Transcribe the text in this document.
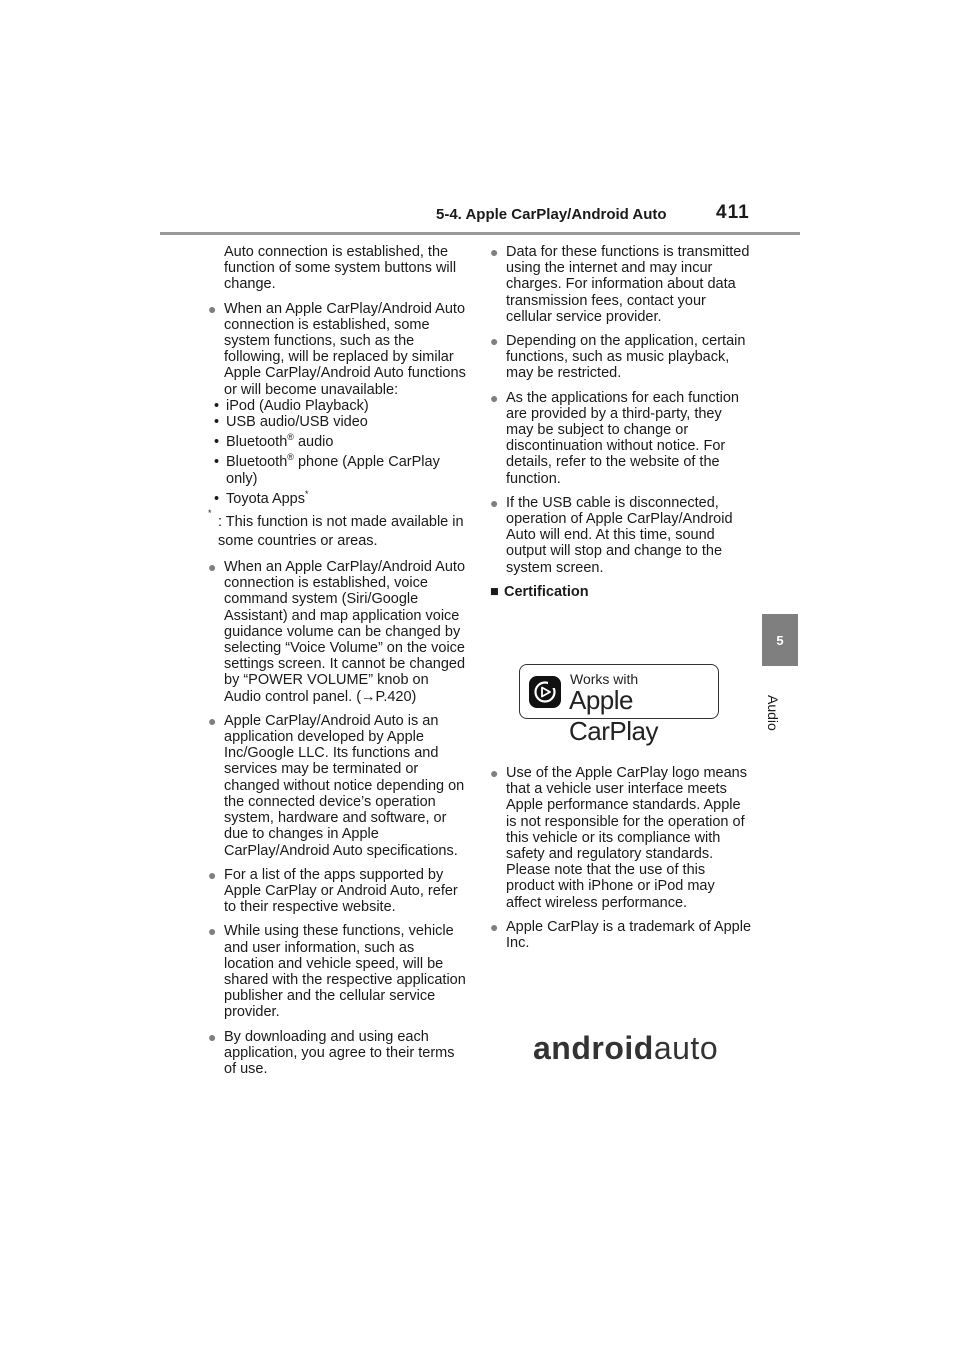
5-4. Apple CarPlay/Android Auto	411
5
Audio

Auto connection is established, the function of some system buttons will change.

● When an Apple CarPlay/Android Auto connection is established, some system functions, such as the following, will be replaced by similar Apple CarPlay/Android Auto functions or will become unavailable:
• iPod (Audio Playback)
• USB audio/USB video
• Bluetooth® audio
• Bluetooth® phone (Apple CarPlay only)
• Toyota Apps*
*
: This function is not made available in some countries or areas.
● When an Apple CarPlay/Android Auto connection is established, voice command system (Siri/Google Assistant) and map application voice guidance volume can be changed by selecting “Voice Volume” on the voice settings screen. It cannot be changed by “POWER VOLUME” knob on Audio control panel. (→P.420)
● Apple CarPlay/Android Auto is an application developed by Apple Inc/Google LLC. Its functions and services may be terminated or changed without notice depending on the connected device’s operation system, hardware and software, or due to changes in Apple CarPlay/Android Auto specifications.
● For a list of the apps supported by Apple CarPlay or Android Auto, refer to their respective website.
● While using these functions, vehicle and user information, such as location and vehicle speed, will be shared with the respective application publisher and the cellular service provider.
● By downloading and using each application, you agree to their terms of use.
● Data for these functions is transmitted using the internet and may incur charges. For information about data transmission fees, contact your cellular service provider.
● Depending on the application, certain functions, such as music playback, may be restricted.
● As the applications for each function are provided by a third-party, they may be subject to change or discontinuation without notice. For details, refer to the website of the function.
● If the USB cable is disconnected, operation of Apple CarPlay/Android Auto will end. At this time, sound output will stop and change to the system screen.
■ Certification
Works with
Apple CarPlay
● Use of the Apple CarPlay logo means that a vehicle user interface meets Apple performance standards. Apple is not responsible for the operation of this vehicle or its compliance with safety and regulatory standards. Please note that the use of this product with iPhone or iPod may affect wireless performance.
● Apple CarPlay is a trademark of Apple Inc.
androidauto
